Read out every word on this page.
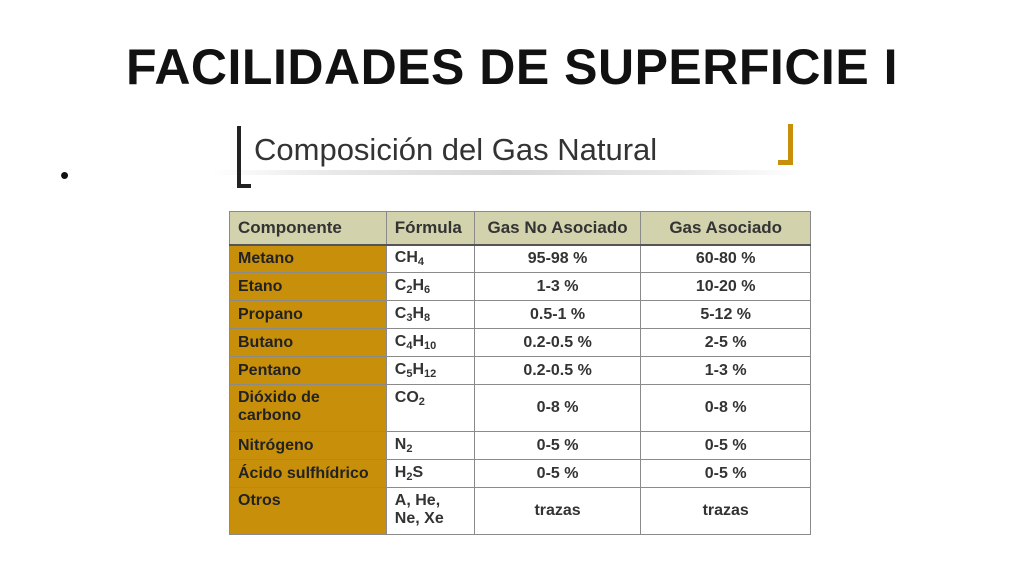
FACILIDADES DE SUPERFICIE I
•
Composición del Gas Natural
Componente	Fórmula	Gas No Asociado	Gas Asociado
Metano	$CH_4$	95-98 %	60-80 %
Etano	$C_2H_6$	1-3 %	10-20 %
Propano	$C_3H_8$	0.5-1 %	5-12 %
Butano	$C_4H_{10}$	0.2-0.5 %	2-5 %
Pentano	$C_5H_{12}$	0.2-0.5 %	1-3 %
Dióxido de carbono	$CO_2$	0-8 %	0-8 %
Nitrógeno	$N_2$	0-5 %	0-5 %
Ácido sulfhídrico	$H_2S$	0-5 %	0-5 %
Otros	A, He, Ne, Xe	trazas	trazas
